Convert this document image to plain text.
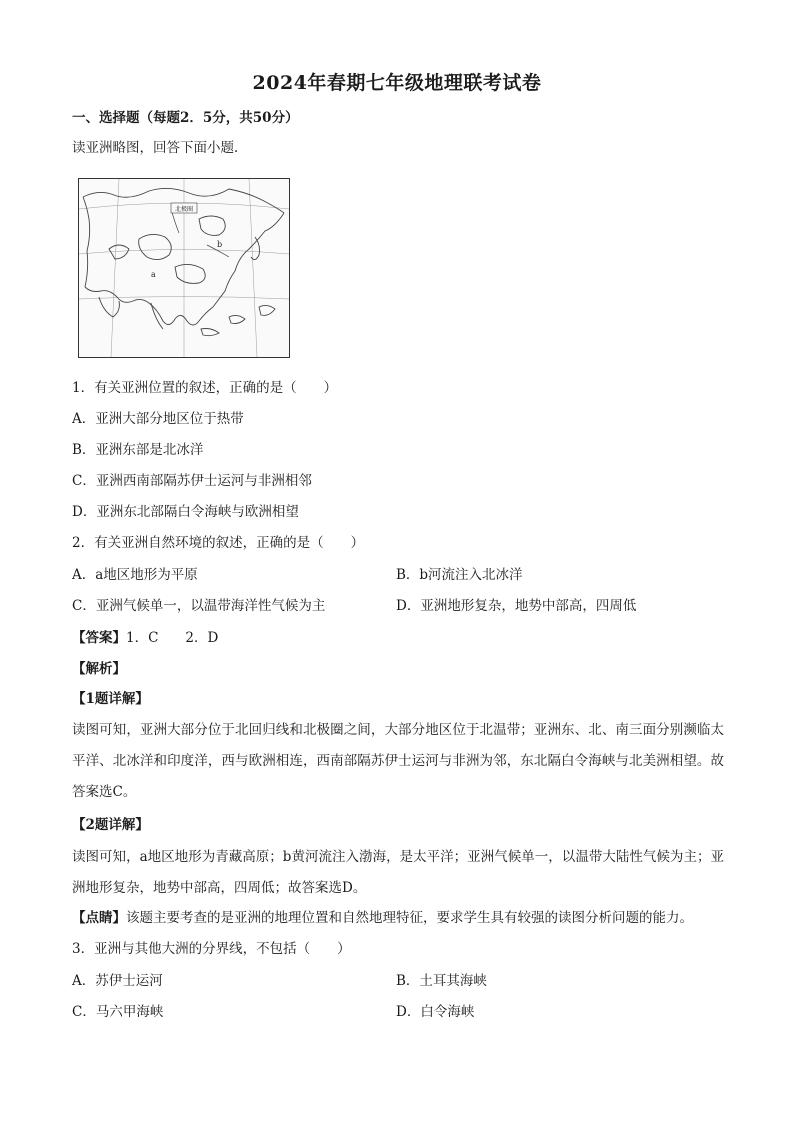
2024年春期七年级地理联考试卷
一、选择题（每题2．5分，共50分）
读亚洲略图，回答下面小题．
北极圈
a
b
1．有关亚洲位置的叙述，正确的是（　　）
A．亚洲大部分地区位于热带
B．亚洲东部是北冰洋
C．亚洲西南部隔苏伊士运河与非洲相邻
D．亚洲东北部隔白令海峡与欧洲相望
2．有关亚洲自然环境的叙述，正确的是（　　）
A．a地区地形为平原	B．b河流注入北冰洋
C．亚洲气候单一，以温带海洋性气候为主	D．亚洲地形复杂，地势中部高，四周低
【答案】1．C　　2．D
【解析】
【1题详解】
读图可知，亚洲大部分位于北回归线和北极圈之间，大部分地区位于北温带；亚洲东、北、南三面分别濒临太平洋、北冰洋和印度洋，西与欧洲相连，西南部隔苏伊士运河与非洲为邻，东北隔白令海峡与北美洲相望。故答案选C。
【2题详解】
读图可知，a地区地形为青藏高原；b黄河流注入渤海，是太平洋；亚洲气候单一，以温带大陆性气候为主；亚洲地形复杂，地势中部高，四周低；故答案选D。
【点睛】该题主要考查的是亚洲的地理位置和自然地理特征，要求学生具有较强的读图分析问题的能力。
3．亚洲与其他大洲的分界线，不包括（　　）
A．苏伊士运河	B．土耳其海峡
C．马六甲海峡	D．白令海峡
